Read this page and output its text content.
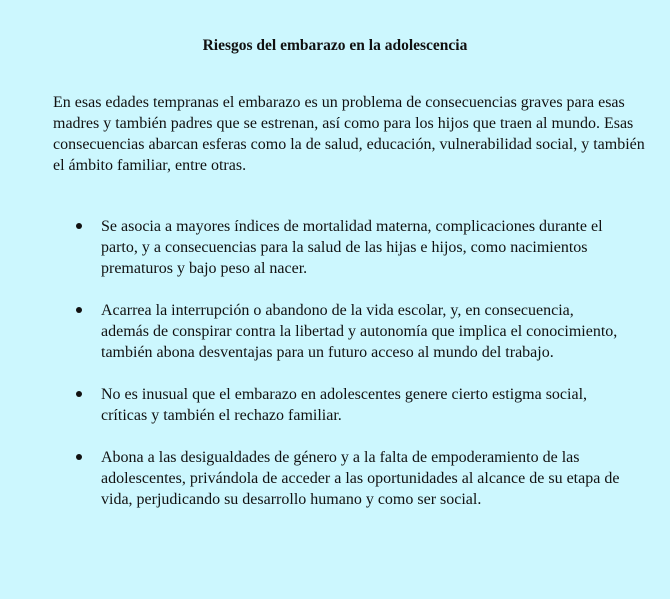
Riesgos del embarazo en la adolescencia
En esas edades tempranas el embarazo es un problema de consecuencias graves para esas madres y también padres que se estrenan, así como para los hijos que traen al mundo. Esas consecuencias abarcan esferas como la de salud, educación, vulnerabilidad social, y también el ámbito familiar, entre otras.
Se asocia a mayores índices de mortalidad materna, complicaciones durante el parto, y a consecuencias para la salud de las hijas e hijos, como nacimientos prematuros y bajo peso al nacer.
Acarrea la interrupción o abandono de la vida escolar, y, en consecuencia, además de conspirar contra la libertad y autonomía que implica el conocimiento, también abona desventajas para un futuro acceso al mundo del trabajo.
No es inusual que el embarazo en adolescentes genere cierto estigma social, críticas y también el rechazo familiar.
Abona a las desigualdades de género y a la falta de empoderamiento de las adolescentes, privándola de acceder a las oportunidades al alcance de su etapa de vida, perjudicando su desarrollo humano y como ser social.
